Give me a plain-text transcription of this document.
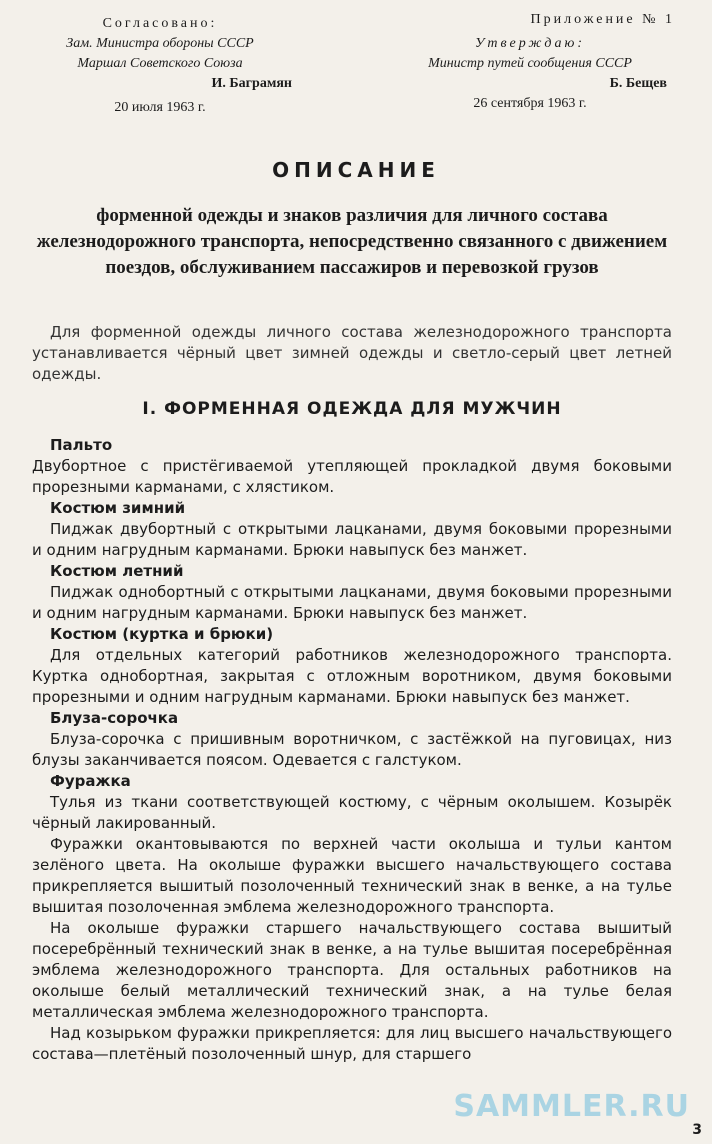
Согласовано:
Зам. Министра обороны СССР
Маршал Советского Союза
И. Баграмян
20 июля 1963 г.
Приложение № 1
Утверждаю:
Министр путей сообщения СССР
Б. Бещев
26 сентября 1963 г.
ОПИСАНИЕ
форменной одежды и знаков различия для личного состава железнодорожного транспорта, непосредственно связанного с движением поездов, обслуживанием пассажиров и перевозкой грузов

Для форменной одежды личного состава железнодорожного транспорта устанавливается чёрный цвет зимней одежды и светло-серый цвет летней одежды.

I. ФОРМЕННАЯ ОДЕЖДА ДЛЯ МУЖЧИН

Пальто

Двубортное с пристёгиваемой утепляющей прокладкой двумя боковыми прорезными карманами, с хлястиком.

Костюм зимний

Пиджак двубортный с открытыми лацканами, двумя боковыми прорезными и одним нагрудным карманами. Брюки навыпуск без манжет.

Костюм летний

Пиджак однобортный с открытыми лацканами, двумя боковыми прорезными и одним нагрудным карманами. Брюки навыпуск без манжет.

Костюм (куртка и брюки)

Для отдельных категорий работников железнодорожного транспорта. Куртка однобортная, закрытая с отложным воротником, двумя боковыми прорезными и одним нагрудным карманами. Брюки навыпуск без манжет.

Блуза-сорочка

Блуза-сорочка с пришивным воротничком, с застёжкой на пуговицах, низ блузы заканчивается поясом. Одевается с галстуком.

Фуражка

Тулья из ткани соответствующей костюму, с чёрным околышем. Козырёк чёрный лакированный.

Фуражки окантовываются по верхней части околыша и тульи кантом зелёного цвета. На околыше фуражки высшего начальствующего состава прикрепляется вышитый позолоченный технический знак в венке, а на тулье вышитая позолоченная эмблема железнодорожного транспорта.

На околыше фуражки старшего начальствующего состава вышитый посеребрённый технический знак в венке, а на тулье вышитая посеребрённая эмблема железнодорожного транспорта. Для остальных работников на околыше белый металлический технический знак, а на тулье белая металлическая эмблема железнодорожного транспорта.

Над козырьком фуражки прикрепляется: для лиц высшего начальствующего состава—плетёный позолоченный шнур, для старшего

SAMMLER.RU
3
